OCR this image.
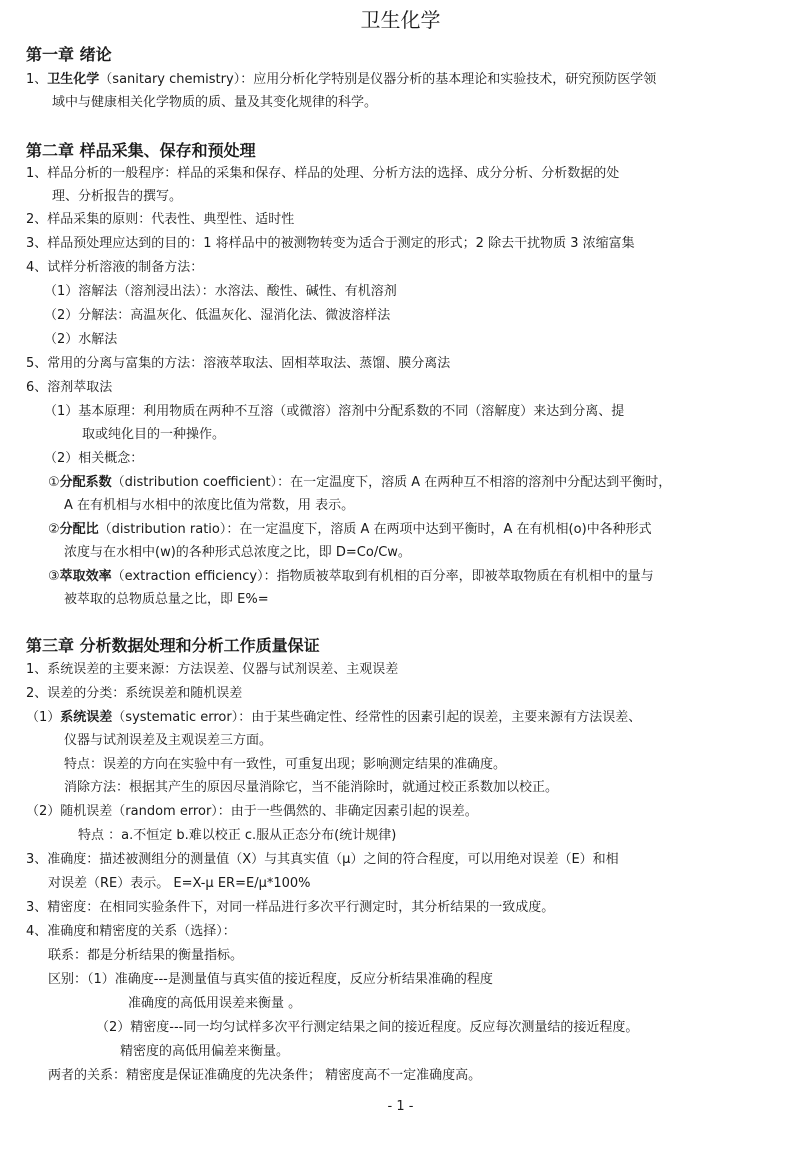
卫生化学
第一章 绪论
1、卫生化学（sanitary chemistry）：应用分析化学特别是仪器分析的基本理论和实验技术，研究预防医学领
域中与健康相关化学物质的质、量及其变化规律的科学。
第二章 样品采集、保存和预处理
1、样品分析的一般程序：样品的采集和保存、样品的处理、分析方法的选择、成分分析、分析数据的处
理、分析报告的撰写。
2、样品采集的原则：代表性、典型性、适时性
3、样品预处理应达到的目的：1 将样品中的被测物转变为适合于测定的形式；2 除去干扰物质 3 浓缩富集
4、试样分析溶液的制备方法：
（1）溶解法（溶剂浸出法）：水溶法、酸性、碱性、有机溶剂
（2）分解法：高温灰化、低温灰化、湿消化法、微波溶样法
（2）水解法
5、常用的分离与富集的方法：溶液萃取法、固相萃取法、蒸馏、膜分离法
6、溶剂萃取法
（1）基本原理：利用物质在两种不互溶（或微溶）溶剂中分配系数的不同（溶解度）来达到分离、提
取或纯化目的一种操作。
（2）相关概念：
①分配系数（distribution coefficient）：在一定温度下，溶质 A 在两种互不相溶的溶剂中分配达到平衡时，
A 在有机相与水相中的浓度比值为常数，用 表示。
②分配比（distribution ratio）：在一定温度下，溶质 A 在两项中达到平衡时，A 在有机相(o)中各种形式
浓度与在水相中(w)的各种形式总浓度之比，即 D=Co/Cw。
③萃取效率（extraction efficiency）：指物质被萃取到有机相的百分率，即被萃取物质在有机相中的量与
被萃取的总物质总量之比，即 E%=
第三章 分析数据处理和分析工作质量保证
1、系统误差的主要来源：方法误差、仪器与试剂误差、主观误差
2、误差的分类：系统误差和随机误差
（1）系统误差（systematic error）：由于某些确定性、经常性的因素引起的误差，主要来源有方法误差、
仪器与试剂误差及主观误差三方面。
特点：误差的方向在实验中有一致性，可重复出现；影响测定结果的准确度。
消除方法：根据其产生的原因尽量消除它，当不能消除时，就通过校正系数加以校正。
（2）随机误差（random error）：由于一些偶然的、非确定因素引起的误差。
特点 ：a.不恒定 b.难以校正 c.服从正态分布(统计规律)
3、准确度：描述被测组分的测量值（X）与其真实值（μ）之间的符合程度，可以用绝对误差（E）和相
对误差（RE）表示。 E=X-μ ER=E/μ*100%
3、精密度：在相同实验条件下，对同一样品进行多次平行测定时，其分析结果的一致成度。
4、准确度和精密度的关系（选择）：
联系：都是分析结果的衡量指标。
区别：（1）准确度---是测量值与真实值的接近程度，反应分析结果准确的程度
准确度的高低用误差来衡量 。
（2）精密度---同一均匀试样多次平行测定结果之间的接近程度。反应每次测量结的接近程度。
精密度的高低用偏差来衡量。
两者的关系：精密度是保证准确度的先决条件； 精密度高不一定准确度高。
- 1 -
